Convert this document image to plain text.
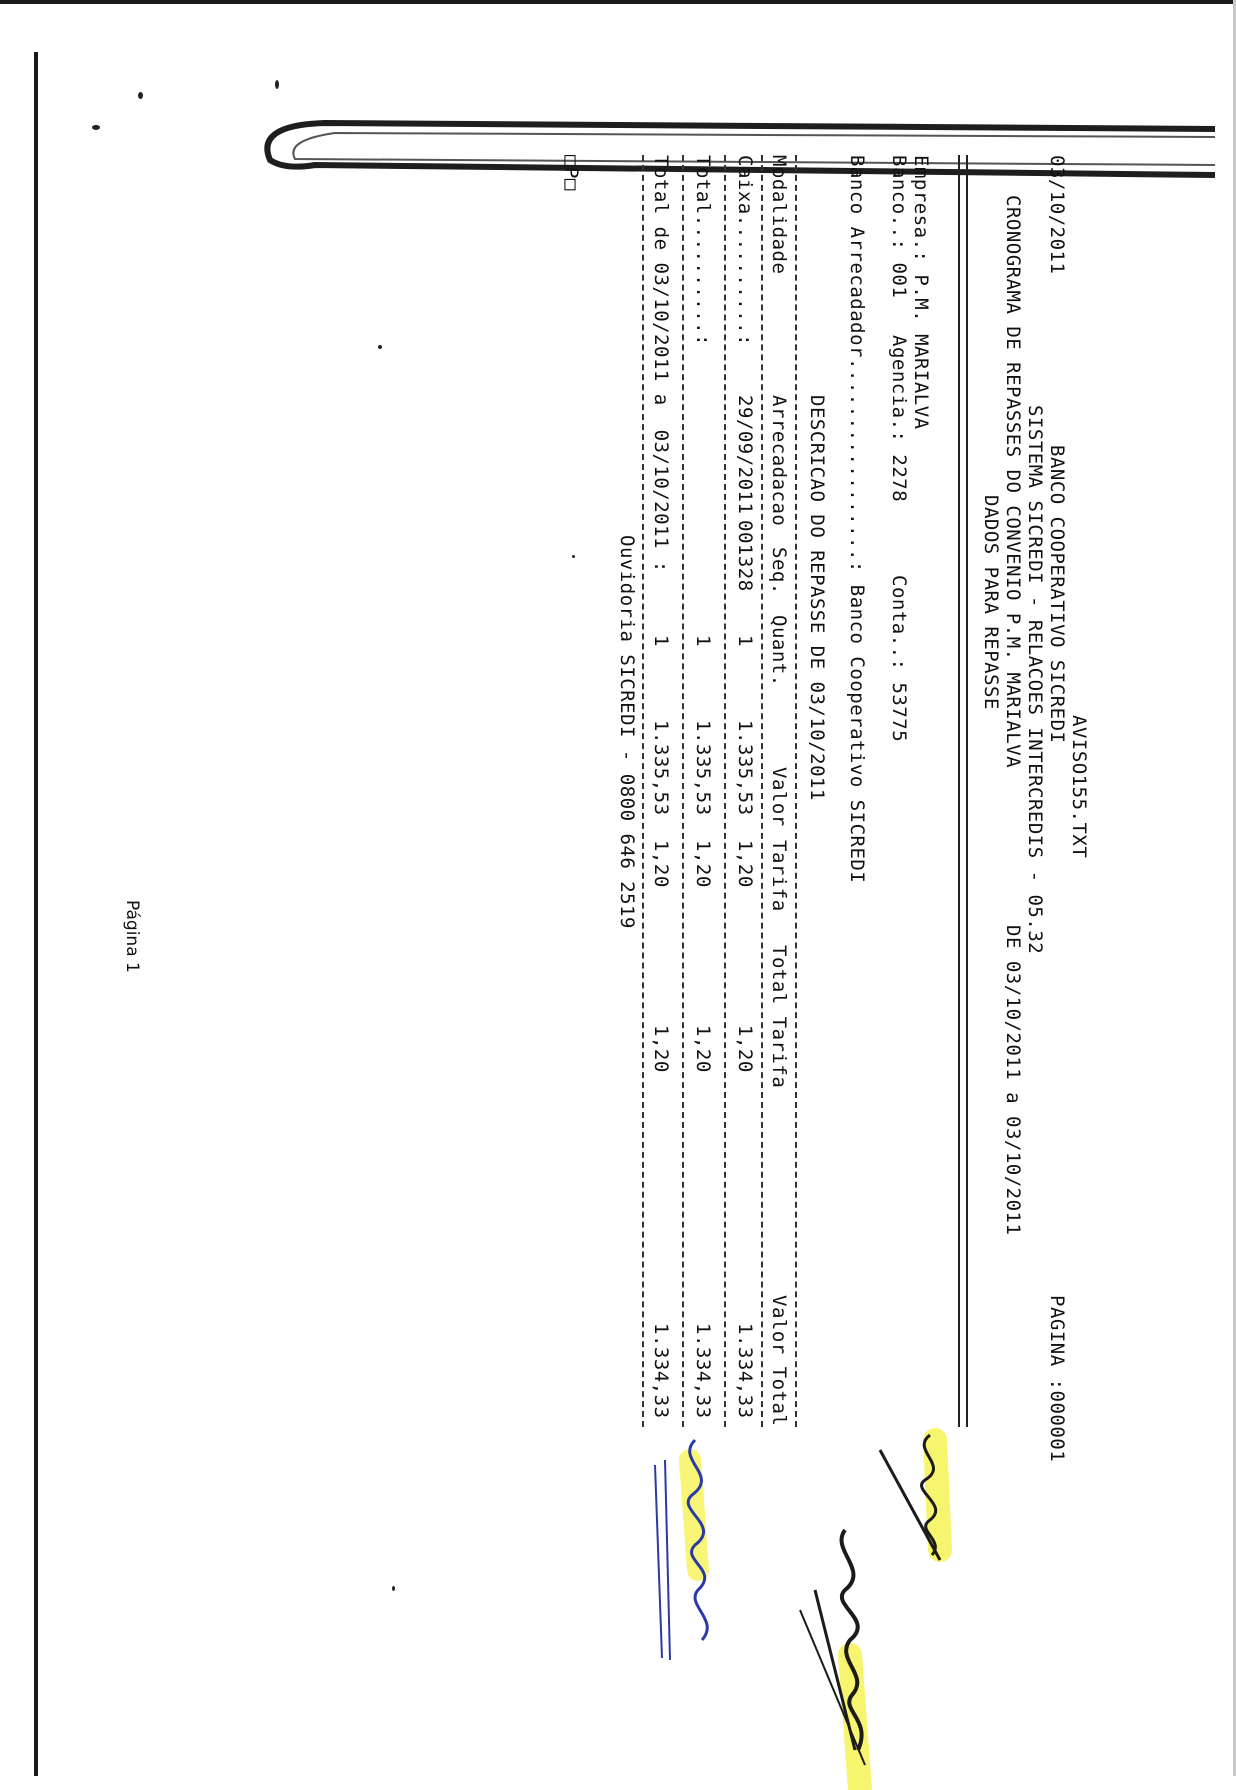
AVISO155.TXT
03/10/2011
BANCO COOPERATIVO SICREDI
PAGINA :000001
SISTEMA SICREDI - RELACOES INTERCREDIS - 05.32
CRONOGRAMA DE REPASSES DO CONVENIO P.M. MARIALVA
DE 03/10/2011 a 03/10/2011
DADOS PARA REPASSE
Empresa.: P.M. MARIALVA
Banco..: 001
Agencia.: 2278
Conta..: 53775
Banco Arrecadador.................: Banco Cooperativo SICREDI
DESCRICAO DO REPASSE DE 03/10/2011
Modalidade
Arrecadacao
Seq.
Quant.
Valor
Tarifa
Total Tarifa
Valor Total
Caixa..........:
29/09/2011
001328
1
1.335,53
1,20
1,20
1.334,33
Total..........:
1
1.335,53
1,20
1,20
1.334,33
Total de 03/10/2011 a  03/10/2011 :
1
1.335,53
1,20
1,20
1.334,33
Ouvidoria SICREDI - 0800 646 2519
□P□
Página 1
